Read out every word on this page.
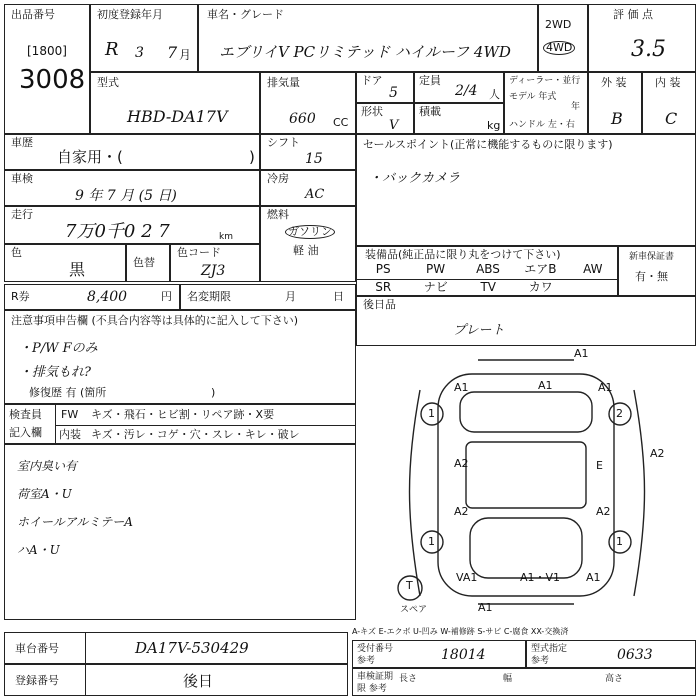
出品番号
[1800]
3008
初度登録年月
R 3 7 月
車名・グレード
エブリイV PCリミテッド ハイルーフ 4WD
2WD
4WD
評 価 点
3.5
型式
HBD-DA17V
排気量
660 CC
ドア
5
定員
2/4 人
形状
V
積載
kg
ディーラー・並行
モデル 年式
年
ハンドル 左・右
外 装
B
内 装
C
車歴
自家用・(	)
シフト
15
セールスポイント(正常に機能するものに限ります)
・バックカメラ
車検
9 年 7 月 (5 日)
冷房
AC
走行
7万0千0 2 7	km
燃料
ガソリン
軽 油
色
黒	色替
色コード
ZJ3
装備品(純正品に限り丸をつけて下さい)
PS	PW	ABS	エアB	AW
SR	ナビ	TV	カワ
新車保証書
有・無
R券	8,400	円 名変期限	月	日
後日品
プレート
注意事項申告欄 (不具合内容等は具体的に記入して下さい)
・P/W Fのみ
・排気もれ?
修復歴 有 (箇所	)
検査員
記入欄
FW キズ・飛石・ヒビ割・リペア跡・X要
内装 キズ・汚レ・コゲ・穴・スレ・キレ・破レ
室内臭い有
荷室A・U
ホイールアルミテーA
ハA・U
A1
A1	A1	A1
A2	E
A2
A2	A2
VA1	A1・V1 A1
A1
1	2
1	1
T
スペア
車台番号	DA17V-530429
登録番号	後日
A-キズ E-エクボ U-凹み W-補修跡 S-サビ C-腐食 XX-交換済
受付番号 参考	18014	型式指定 参考	0633
車検証期限 参考
長さ	幅	高さ
